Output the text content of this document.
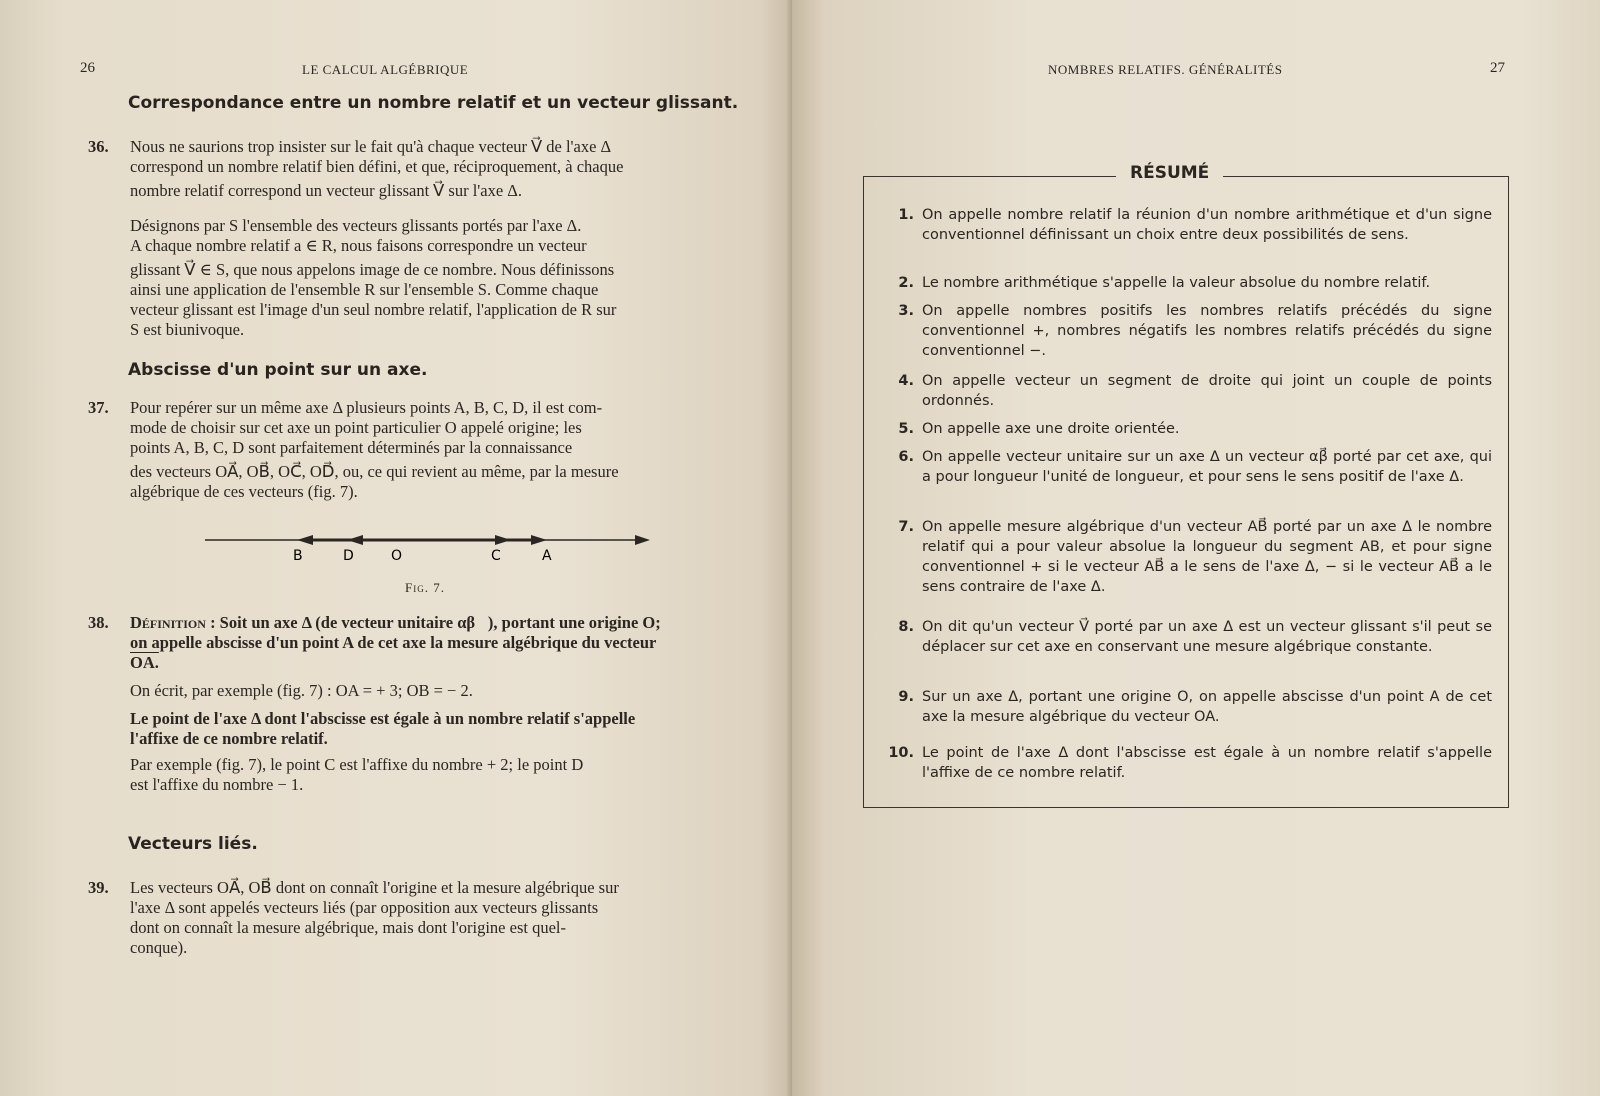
26	LE CALCUL ALGÉBRIQUE
Correspondance entre un nombre relatif et un vecteur glissant.
36. Nous ne saurions trop insister sur le fait qu'à chaque vecteur V⃗ de l'axe Δ
correspond un nombre relatif bien défini, et que, réciproquement, à chaque
nombre relatif correspond un vecteur glissant V⃗ sur l'axe Δ.
Désignons par S l'ensemble des vecteurs glissants portés par l'axe Δ.
A chaque nombre relatif a ∈ R, nous faisons correspondre un vecteur
glissant V⃗ ∈ S, que nous appelons image de ce nombre. Nous définissons
ainsi une application de l'ensemble R sur l'ensemble S. Comme chaque
vecteur glissant est l'image d'un seul nombre relatif, l'application de R sur
S est biunivoque.
Abscisse d'un point sur un axe.
37. Pour repérer sur un même axe Δ plusieurs points A, B, C, D, il est com-
mode de choisir sur cet axe un point particulier O appelé origine; les
points A, B, C, D sont parfaitement déterminés par la connaissance
des vecteurs OA⃗, OB⃗, OC⃗, OD⃗, ou, ce qui revient au même, par la mesure
algébrique de ces vecteurs (fig. 7).
B	D	O	C	A
Fig. 7.
38. Définition : Soit un axe Δ (de vecteur unitaire αβ⃗), portant une origine O;
on appelle abscisse d'un point A de cet axe la mesure algébrique du vecteur
OA.
On écrit, par exemple (fig. 7) : OA = + 3; OB = − 2.
Le point de l'axe Δ dont l'abscisse est égale à un nombre relatif s'appelle
l'affixe de ce nombre relatif.
Par exemple (fig. 7), le point C est l'affixe du nombre + 2; le point D
est l'affixe du nombre − 1.
Vecteurs liés.
39. Les vecteurs OA⃗, OB⃗ dont on connaît l'origine et la mesure algébrique sur
l'axe Δ sont appelés vecteurs liés (par opposition aux vecteurs glissants
dont on connaît la mesure algébrique, mais dont l'origine est quel-
conque).
NOMBRES RELATIFS. GÉNÉRALITÉS	27
RÉSUMÉ
1. On appelle nombre relatif la réunion d'un nombre arithmétique et d'un signe conventionnel définissant un choix entre deux possibilités de sens.
2. Le nombre arithmétique s'appelle la valeur absolue du nombre relatif.
3. On appelle nombres positifs les nombres relatifs précédés du signe conventionnel +, nombres négatifs les nombres relatifs précédés du signe conventionnel −.
4. On appelle vecteur un segment de droite qui joint un couple de points ordonnés.
5. On appelle axe une droite orientée.
6. On appelle vecteur unitaire sur un axe Δ un vecteur αβ⃗ porté par cet axe, qui a pour longueur l'unité de longueur, et pour sens le sens positif de l'axe Δ.
7. On appelle mesure algébrique d'un vecteur AB⃗ porté par un axe Δ le nombre relatif qui a pour valeur absolue la longueur du segment AB, et pour signe conventionnel + si le vecteur AB⃗ a le sens de l'axe Δ, − si le vecteur AB⃗ a le sens contraire de l'axe Δ.
8. On dit qu'un vecteur V⃗ porté par un axe Δ est un vecteur glissant s'il peut se déplacer sur cet axe en conservant une mesure algébrique constante.
9. Sur un axe Δ, portant une origine O, on appelle abscisse d'un point A de cet axe la mesure algébrique du vecteur OA.
10. Le point de l'axe Δ dont l'abscisse est égale à un nombre relatif s'appelle l'affixe de ce nombre relatif.
